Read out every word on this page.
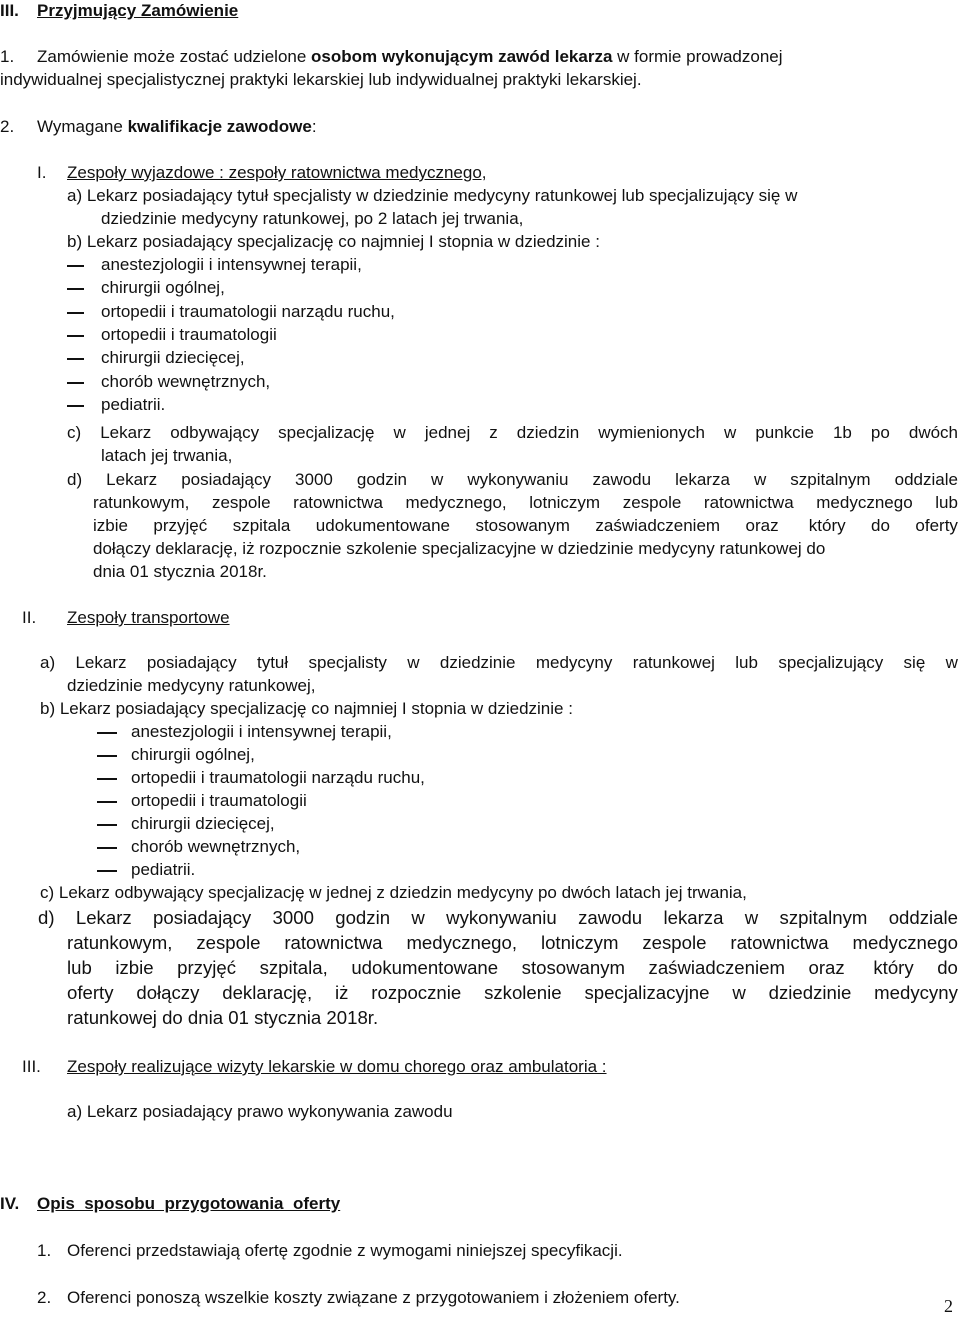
III. Przyjmujący Zamówienie
1. Zamówienie może zostać udzielone osobom wykonującym zawód lekarza w formie prowadzonej
indywidualnej specjalistycznej praktyki lekarskiej lub indywidualnej praktyki lekarskiej.
2. Wymagane kwalifikacje zawodowe:
I. Zespoły wyjazdowe : zespoły ratownictwa medycznego,
a) Lekarz posiadający tytuł specjalisty w dziedzinie medycyny ratunkowej lub specjalizujący się w
dziedzinie medycyny ratunkowej, po 2 latach jej trwania,
b) Lekarz posiadający specjalizację co najmniej I stopnia w dziedzinie :
anestezjologii i intensywnej terapii,
chirurgii ogólnej,
ortopedii i traumatologii narządu ruchu,
ortopedii i traumatologii
chirurgii dziecięcej,
chorób wewnętrznych,
pediatrii.
c) Lekarz odbywający specjalizację w jednej z dziedzin wymienionych w punkcie 1b po dwóch
latach jej trwania,
d) Lekarz posiadający 3000 godzin w wykonywaniu zawodu lekarza w szpitalnym oddziale
ratunkowym, zespole ratownictwa medycznego, lotniczym zespole ratownictwa medycznego lub
izbie przyjęć szpitala udokumentowane stosowanym zaświadczeniem oraz który do oferty
dołączy deklarację, iż rozpocznie szkolenie specjalizacyjne w dziedzinie medycyny ratunkowej do
dnia 01 stycznia 2018r.
II. Zespoły transportowe
a) Lekarz posiadający tytuł specjalisty w dziedzinie medycyny ratunkowej lub specjalizujący się w
dziedzinie medycyny ratunkowej,
b) Lekarz posiadający specjalizację co najmniej I stopnia w dziedzinie :
anestezjologii i intensywnej terapii,
chirurgii ogólnej,
ortopedii i traumatologii narządu ruchu,
ortopedii i traumatologii
chirurgii dziecięcej,
chorób wewnętrznych,
pediatrii.
c) Lekarz odbywający specjalizację w jednej z dziedzin medycyny po dwóch latach jej trwania,
d) Lekarz posiadający 3000 godzin w wykonywaniu zawodu lekarza w szpitalnym oddziale
ratunkowym, zespole ratownictwa medycznego, lotniczym zespole ratownictwa medycznego
lub izbie przyjęć szpitala, udokumentowane stosowanym zaświadczeniem oraz który do
oferty dołączy deklarację, iż rozpocznie szkolenie specjalizacyjne w dziedzinie medycyny
ratunkowej do dnia 01 stycznia 2018r.
III. Zespoły realizujące wizyty lekarskie w domu chorego oraz ambulatoria :
a) Lekarz posiadający prawo wykonywania zawodu
IV. Opis  sposobu  przygotowania  oferty
1. Oferenci przedstawiają ofertę zgodnie z wymogami niniejszej specyfikacji.
2. Oferenci ponoszą wszelkie koszty związane z przygotowaniem i złożeniem oferty.	2
